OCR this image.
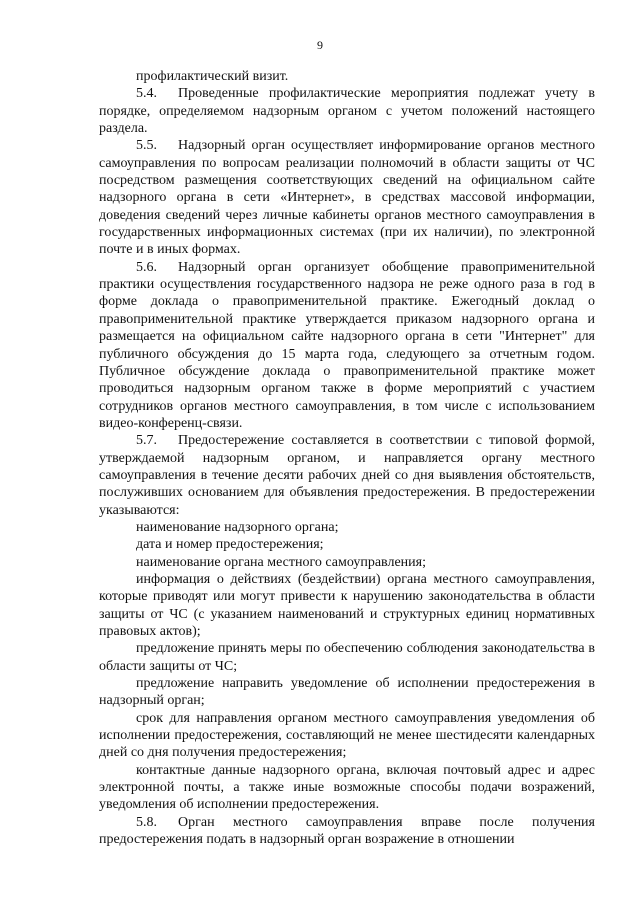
9

профилактический визит.

5.4. Проведенные профилактические мероприятия подлежат учету в порядке, определяемом надзорным органом с учетом положений настоящего раздела.

5.5. Надзорный орган осуществляет информирование органов местного самоуправления по вопросам реализации полномочий в области защиты от ЧС посредством размещения соответствующих сведений на официальном сайте надзорного органа в сети «Интернет», в средствах массовой информации, доведения сведений через личные кабинеты органов местного самоуправления в государственных информационных системах (при их наличии), по электронной почте и в иных формах.

5.6. Надзорный орган организует обобщение правоприменительной практики осуществления государственного надзора не реже одного раза в год в форме доклада о правоприменительной практике. Ежегодный доклад о правоприменительной практике утверждается приказом надзорного органа и размещается на официальном сайте надзорного органа в сети "Интернет" для публичного обсуждения до 15 марта года, следующего за отчетным годом. Публичное обсуждение доклада о правоприменительной практике может проводиться надзорным органом также в форме мероприятий с участием сотрудников органов местного самоуправления, в том числе с использованием видео-конференц-связи.

5.7. Предостережение составляется в соответствии с типовой формой, утверждаемой надзорным органом, и направляется органу местного самоуправления в течение десяти рабочих дней со дня выявления обстоятельств, послуживших основанием для объявления предостережения. В предостережении указываются:

наименование надзорного органа;

дата и номер предостережения;

наименование органа местного самоуправления;

информация о действиях (бездействии) органа местного самоуправления, которые приводят или могут привести к нарушению законодательства в области защиты от ЧС (с указанием наименований и структурных единиц нормативных правовых актов);

предложение принять меры по обеспечению соблюдения законодательства в области защиты от ЧС;

предложение направить уведомление об исполнении предостережения в надзорный орган;

срок для направления органом местного самоуправления уведомления об исполнении предостережения, составляющий не менее шестидесяти календарных дней со дня получения предостережения;

контактные данные надзорного органа, включая почтовый адрес и адрес электронной почты, а также иные возможные способы подачи возражений, уведомления об исполнении предостережения.

5.8. Орган местного самоуправления вправе после получения предостережения подать в надзорный орган возражение в отношении
